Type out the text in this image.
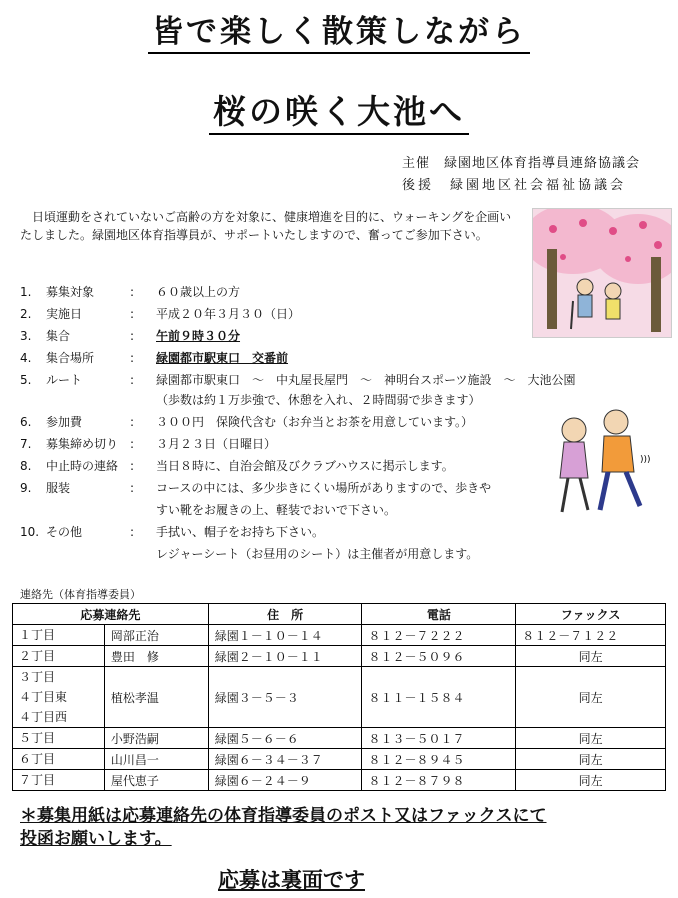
皆で楽しく散策しながら
桜の咲く大池へ
主催　 緑園地区体育指導員連絡協議会
後援　 緑園地区社会福祉協議会
日頃運動をされていないご高齢の方を対象に、健康増進を目的に、ウォーキングを企画いたしました。緑園地区体育指導員が、サポートいたしますので、奮ってご参加下さい。
)))
1.	募集対象	: ６０歳以上の方
2.	実施日	: 平成２０年３月３０（日）
3.	集合	: 午前９時３０分
4.	集合場所	: 緑園都市駅東口　交番前
5.	ルート	: 緑園都市駅東口　～　中丸屋長屋門　～　神明台スポーツ施設　～　大池公園
（歩数は約１万歩強で、休憩を入れ、２時間弱で歩きます）
6.	参加費	: ３００円　保険代含む（お弁当とお茶を用意しています。）
7.	募集締め切り : ３月２３日（日曜日）
8.	中止時の連絡 : 当日８時に、自治会館及びクラブハウスに掲示します。
9.	服装	: コースの中には、多少歩きにくい場所がありますので、歩きや
すい靴をお履きの上、軽装でおいで下さい。
10. その他	: 手拭い、帽子をお持ち下さい。
レジャーシート（お昼用のシート）は主催者が用意します。
連絡先（体育指導委員）
応募連絡先		住　所	電話	ファックス

１丁目	岡部正治	緑園１－１０－１４	８１２－７２２２	８１２－７１２２

２丁目	豊田　修	緑園２－１０－１１	８１２－５０９６	同左

３丁目
４丁目東
４丁目西	植松孝温	緑園３－５－３	８１１－１５８４	同左

５丁目	小野浩嗣	緑園５－６－６	８１３－５０１７	同左

６丁目	山川昌一	緑園６－３４－３７	８１２－８９４５	同左

７丁目	屋代恵子	緑園６－２４－９	８１２－８７９８	同左
＊募集用紙は応募連絡先の体育指導委員のポスト又はファックスにて
投函お願いします。
応募は裏面です
